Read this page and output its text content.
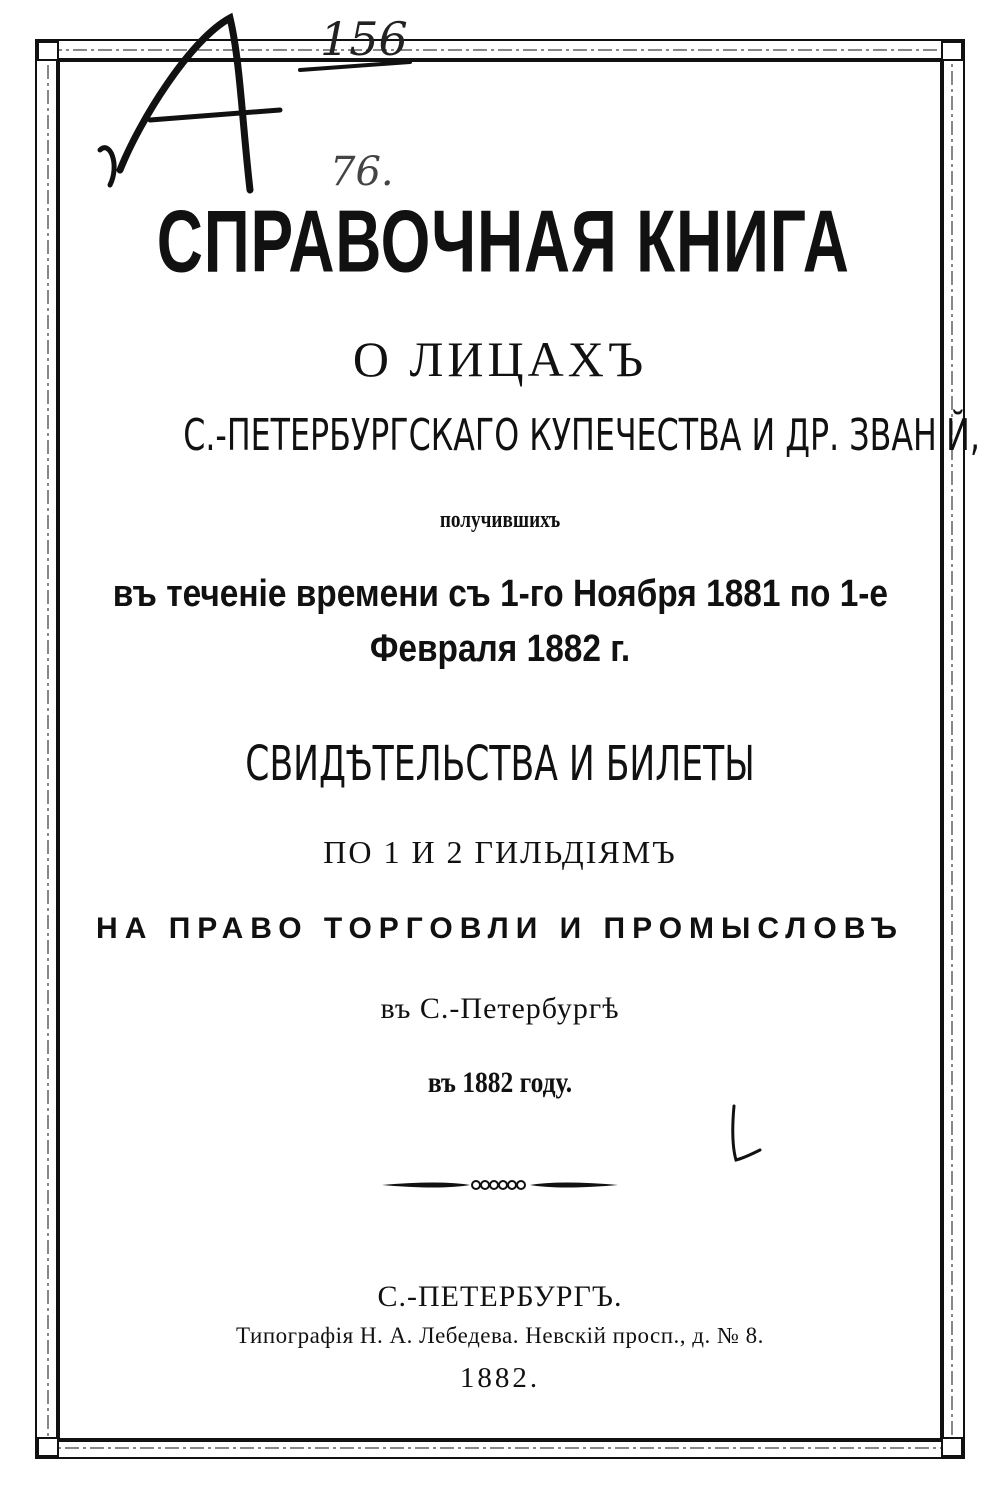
156
76.
СПРАВОЧНАЯ КНИГА
О ЛИЦАХЪ
С.-ПЕТЕРБУРГСКАГО КУПЕЧЕСТВА И ДР. ЗВАНІЙ,
получившихъ
въ теченіе времени съ 1-го Ноября 1881 по 1-е
Февраля 1882 г.
СВИДѢТЕЛЬСТВА И БИЛЕТЫ
ПО 1 И 2 ГИЛЬДІЯМЪ
НА ПРАВО ТОРГОВЛИ И ПРОМЫСЛОВЪ
въ С.-Петербургѣ
въ 1882 году.
С.-ПЕТЕРБУРГЪ.
Типографія Н. А. Лебедева. Невскій просп., д. № 8.
1882.
